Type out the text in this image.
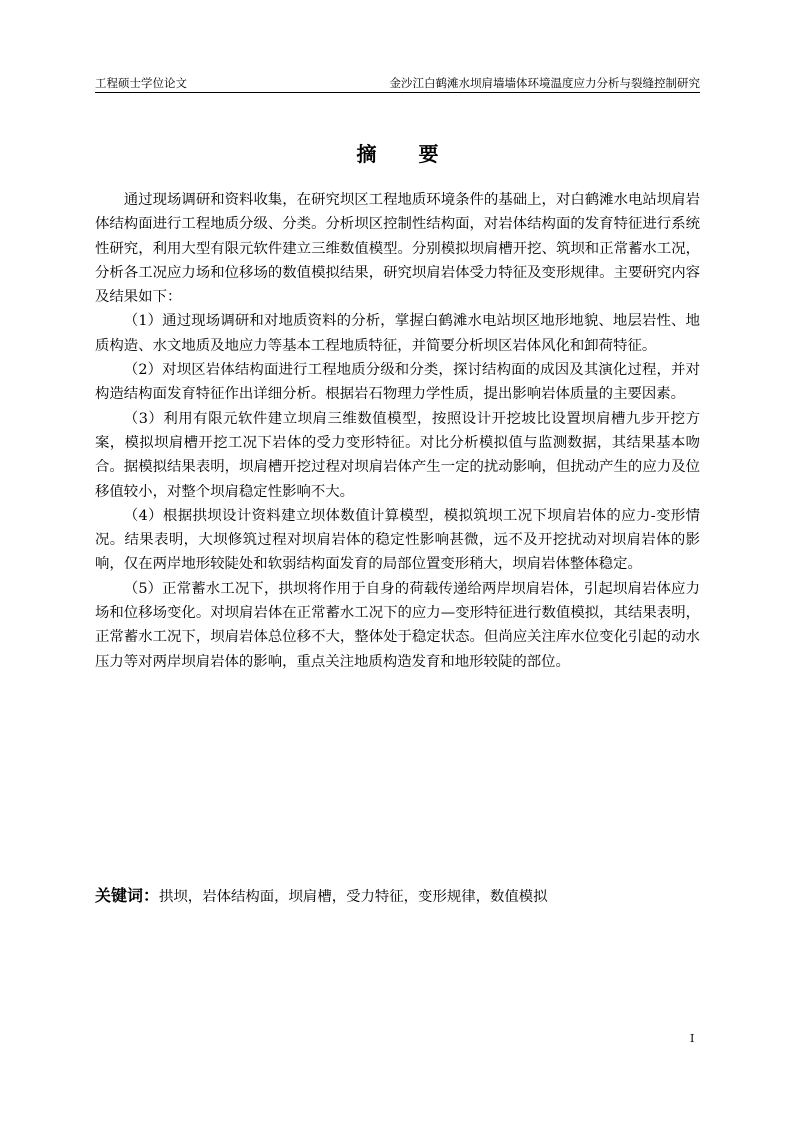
工程硕士学位论文	金沙江白鹤滩水坝肩墙墙体环境温度应力分析与裂缝控制研究
摘 要

通过现场调研和资料收集，在研究坝区工程地质环境条件的基础上，对白鹤滩水电站坝肩岩体结构面进行工程地质分级、分类。分析坝区控制性结构面，对岩体结构面的发育特征进行系统性研究，利用大型有限元软件建立三维数值模型。分别模拟坝肩槽开挖、筑坝和正常蓄水工况，分析各工况应力场和位移场的数值模拟结果，研究坝肩岩体受力特征及变形规律。主要研究内容及结果如下：

（1）通过现场调研和对地质资料的分析，掌握白鹤滩水电站坝区地形地貌、地层岩性、地质构造、水文地质及地应力等基本工程地质特征，并简要分析坝区岩体风化和卸荷特征。

（2）对坝区岩体结构面进行工程地质分级和分类，探讨结构面的成因及其演化过程，并对构造结构面发育特征作出详细分析。根据岩石物理力学性质，提出影响岩体质量的主要因素。

（3）利用有限元软件建立坝肩三维数值模型，按照设计开挖坡比设置坝肩槽九步开挖方案，模拟坝肩槽开挖工况下岩体的受力变形特征。对比分析模拟值与监测数据，其结果基本吻合。据模拟结果表明，坝肩槽开挖过程对坝肩岩体产生一定的扰动影响，但扰动产生的应力及位移值较小，对整个坝肩稳定性影响不大。

（4）根据拱坝设计资料建立坝体数值计算模型，模拟筑坝工况下坝肩岩体的应力-变形情况。结果表明，大坝修筑过程对坝肩岩体的稳定性影响甚微，远不及开挖扰动对坝肩岩体的影响，仅在两岸地形较陡处和软弱结构面发育的局部位置变形稍大，坝肩岩体整体稳定。

（5）正常蓄水工况下，拱坝将作用于自身的荷载传递给两岸坝肩岩体，引起坝肩岩体应力场和位移场变化。对坝肩岩体在正常蓄水工况下的应力—变形特征进行数值模拟，其结果表明，正常蓄水工况下，坝肩岩体总位移不大，整体处于稳定状态。但尚应关注库水位变化引起的动水压力等对两岸坝肩岩体的影响，重点关注地质构造发育和地形较陡的部位。

关键词：拱坝，岩体结构面，坝肩槽，受力特征，变形规律，数值模拟
I
